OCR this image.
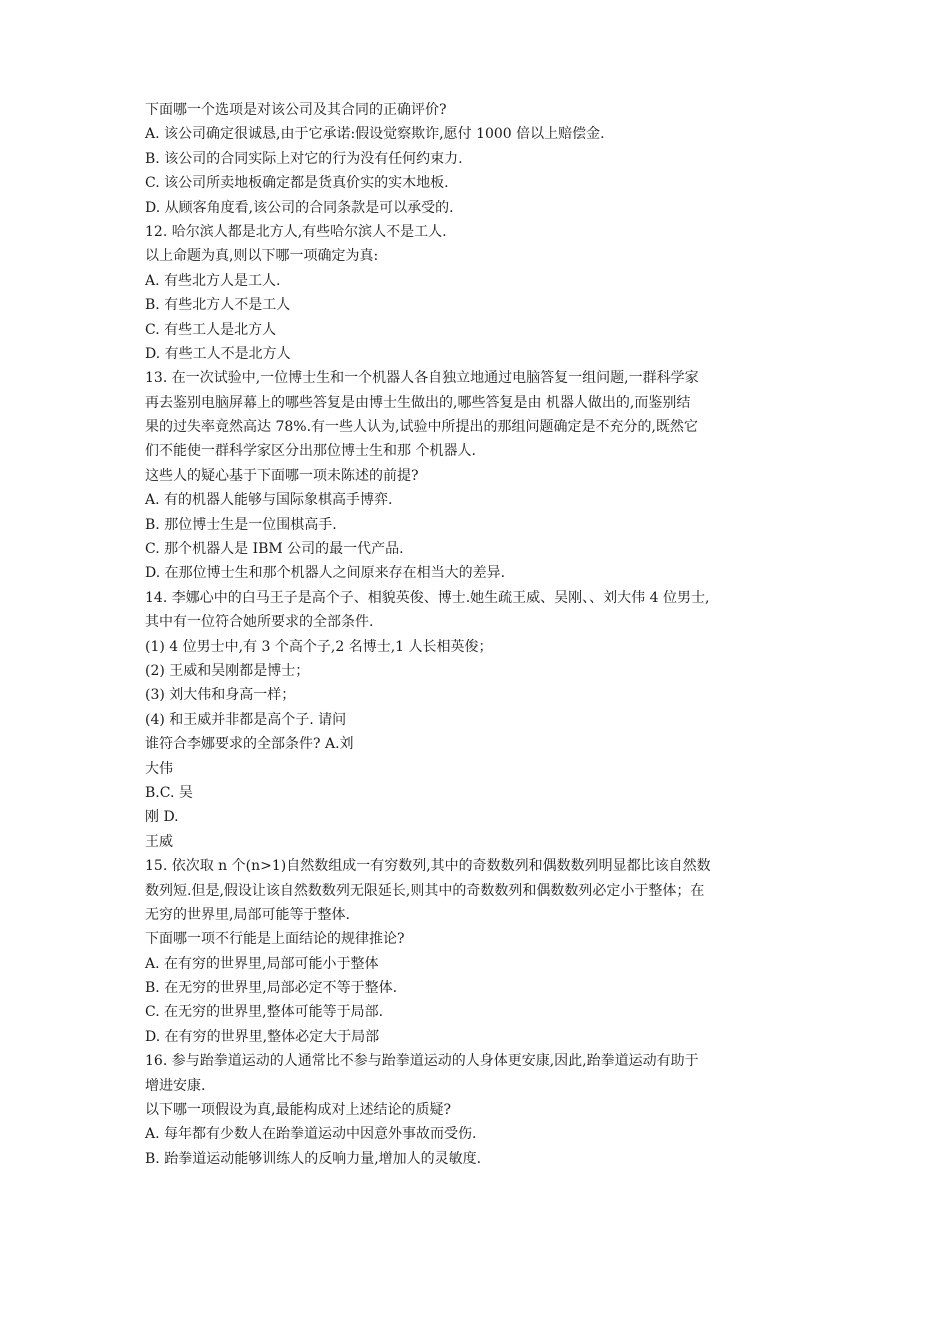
下面哪一个选项是对该公司及其合同的正确评价?
A. 该公司确定很诚恳,由于它承诺:假设觉察欺诈,愿付 1000 倍以上赔偿金.
B. 该公司的合同实际上对它的行为没有任何约束力.
C. 该公司所卖地板确定都是货真价实的实木地板.
D. 从顾客角度看,该公司的合同条款是可以承受的.
12. 哈尔滨人都是北方人,有些哈尔滨人不是工人.
以上命题为真,则以下哪一项确定为真:
A. 有些北方人是工人.
B. 有些北方人不是工人
C. 有些工人是北方人
D. 有些工人不是北方人
13. 在一次试验中,一位博士生和一个机器人各自独立地通过电脑答复一组问题,一群科学家
再去鉴别电脑屏幕上的哪些答复是由博士生做出的,哪些答复是由 机器人做出的,而鉴别结
果的过失率竟然高达 78%.有一些人认为,试验中所提出的那组问题确定是不充分的,既然它
们不能使一群科学家区分出那位博士生和那 个机器人.
这些人的疑心基于下面哪一项未陈述的前提?
A. 有的机器人能够与国际象棋高手博弈.
B. 那位博士生是一位围棋高手.
C. 那个机器人是 IBM 公司的最一代产品.
D. 在那位博士生和那个机器人之间原来存在相当大的差异.
14. 李娜心中的白马王子是高个子、相貌英俊、博士.她生疏王威、吴刚、、刘大伟 4 位男士,
其中有一位符合她所要求的全部条件.
(1) 4 位男士中,有 3 个高个子,2 名博士,1 人长相英俊；
(2) 王威和吴刚都是博士；
(3) 刘大伟和身高一样；
(4) 和王威并非都是高个子. 请问
谁符合李娜要求的全部条件? A.刘
大伟
B.C. 吴
刚 D.
王威
15. 依次取 n 个(n>1)自然数组成一有穷数列,其中的奇数数列和偶数数列明显都比该自然数
数列短.但是,假设让该自然数数列无限延长,则其中的奇数数列和偶数数列必定小于整体；在
无穷的世界里,局部可能等于整体.
下面哪一项不行能是上面结论的规律推论?
A. 在有穷的世界里,局部可能小于整体
B. 在无穷的世界里,局部必定不等于整体.
C. 在无穷的世界里,整体可能等于局部.
D. 在有穷的世界里,整体必定大于局部
16. 参与跆拳道运动的人通常比不参与跆拳道运动的人身体更安康,因此,跆拳道运动有助于
增进安康.
以下哪一项假设为真,最能构成对上述结论的质疑?
A. 每年都有少数人在跆拳道运动中因意外事故而受伤.
B. 跆拳道运动能够训练人的反响力量,增加人的灵敏度.
